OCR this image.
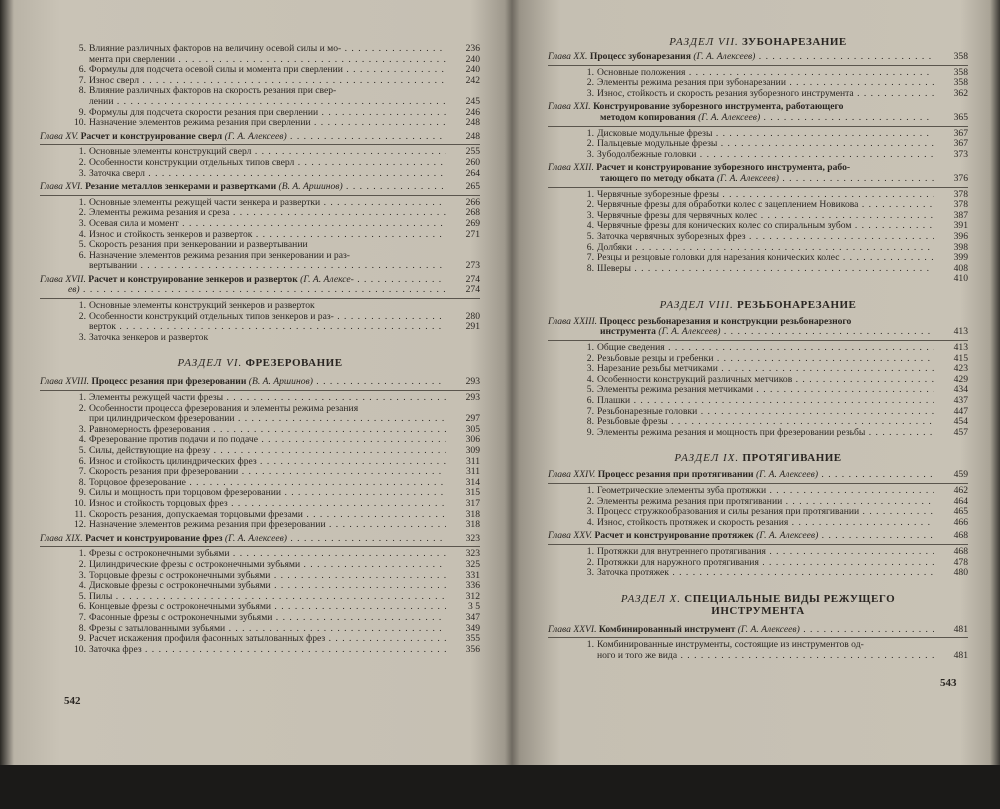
5. Влияние различных факторов на величину осевой силы и мо- . . .	236
мента при сверлении . . .	240
6. Формулы для подсчета осевой силы и момента при сверлении . . .	240
7. Износ сверл . . .	242
8. Влияние различных факторов на скорость резания при свер-
лении . . .	245
9. Формулы для подсчета скорости резания при сверлении . . .	246
10. Назначение элементов режима резания при сверлении . . .	248
Глава XV. Расчет и конструирование сверл (Г. А. Алексеев) . . .	248
1. Основные элементы конструкций сверл . . .	255
2. Особенности конструкции отдельных типов сверл . . .	260
3. Заточка сверл . . .	264
Глава XVI. Резание металлов зенкерами и развертками (В. А. Аршинов) . . .	265
1. Основные элементы режущей части зенкера и развертки . . .	266
2. Элементы режима резания и среза . . .	268
3. Осевая сила и момент . . .	269
4. Износ и стойкость зенкеров и разверток . . .	271
5. Скорость резания при зенкеровании и развертывании
6. Назначение элементов режима резания при зенкеровании и раз-
вертывании . . .	273
Глава XVII. Расчет и конструирование зенкеров и разверток (Г. А. Алексе- . . .	274
ев) . . .	274
1. Основные элементы конструкций зенкеров и разверток
2. Особенности конструкций отдельных типов зенкеров и раз- . . .	280
верток . . .	291
3. Заточка зенкеров и разверток

РАЗДЕЛ VI. ФРЕЗЕРОВАНИЕ

Глава XVIII. Процесс резания при фрезеровании (В. А. Аршинов) . . .	293
1. Элементы режущей части фрезы . . .	293
2. Особенности процесса фрезерования и элементы режима резания
при цилиндрическом фрезеровании . . .	297
3. Равномерность фрезерования . . .	305
4. Фрезерование против подачи и по подаче . . .	306
5. Силы, действующие на фрезу . . .	309
6. Износ и стойкость цилиндрических фрез . . .	311
7. Скорость резания при фрезеровании . . .	311
8. Торцовое фрезерование . . .	314
9. Силы и мощность при торцовом фрезеровании . . .	315
10. Износ и стойкость торцовых фрез . . .	317
11. Скорость резания, допускаемая торцовыми фрезами . . .	318
12. Назначение элементов режима резания при фрезеровании . . .	318
Глава XIX. Расчет и конструирование фрез (Г. А. Алексеев) . . .	323
1. Фрезы с остроконечными зубьями . . .	323
2. Цилиндрические фрезы с остроконечными зубьями . . .	325
3. Торцовые фрезы с остроконечными зубьями . . .	331
4. Дисковые фрезы с остроконечными зубьями . . .	336
5. Пилы . . .	312
6. Концевые фрезы с остроконечными зубьями . . .	3 5
7. Фасонные фрезы с остроконечными зубьями . . .	347
8. Фрезы с затылованными зубьями . . .	349
9. Расчет искажения профиля фасонных затылованных фрез . . .	355
10. Заточка фрез . . .	356
542

РАЗДЕЛ VII. ЗУБОНАРЕЗАНИЕ

Глава XX. Процесс зубонарезания (Г. А. Алексеев) . . .	358
1. Основные положения . . .	358
2. Элементы режима резания при зубонарезании . . .	358
3. Износ, стойкость и скорость резания зуборезного инструмента . . .	362
Глава XXI. Конструирование зуборезного инструмента, работающего
методом копирования (Г. А. Алексеев) . . .	365
1. Дисковые модульные фрезы . . .	367
2. Пальцевые модульные фрезы . . .	367
3. Зубодолбежные головки . . .	373
Глава XXII. Расчет и конструирование зуборезного инструмента, рабо-
тающего по методу обката (Г. А. Алексеев) . . .	376
1. Червячные зуборезные фрезы . . .	378
2. Червячные фрезы для обработки колес с зацеплением Новикова . . .	378
3. Червячные фрезы для червячных колес . . .	387
4. Червячные фрезы для конических колес со спиральным зубом . . .	391
5. Заточка червячных зуборезных фрез . . .	396
6. Долбяки . . .	398
7. Резцы и резцовые головки для нарезания конических колес . . .	399
8. Шеверы . . .	408
410

РАЗДЕЛ VIII. РЕЗЬБОНАРЕЗАНИЕ

Глава XXIII. Процесс резьбонарезания и конструкции резьбонарезного
инструмента (Г. А. Алексеев) . . .	413
1. Общие сведения . . .	413
2. Резьбовые резцы и гребенки . . .	415
3. Нарезание резьбы метчиками . . .	423
4. Особенности конструкций различных метчиков . . .	429
5. Элементы режима резания метчиками . . .	434
6. Плашки . . .	437
7. Резьбонарезные головки . . .	447
8. Резьбовые фрезы . . .	454
9. Элементы режима резания и мощность при фрезеровании резьбы . . .	457

РАЗДЕЛ IX. ПРОТЯГИВАНИЕ

Глава XXIV. Процесс резания при протягивании (Г. А. Алексеев) . . .	459
1. Геометрические элементы зуба протяжки . . .	462
2. Элементы режима резания при протягивании . . .	464
3. Процесс стружкообразования и силы резания при протягивании . . .	465
4. Износ, стойкость протяжек и скорость резания . . .	466
Глава XXV. Расчет и конструирование протяжек (Г. А. Алексеев) . . .	468
1. Протяжки для внутреннего протягивания . . .	468
2. Протяжки для наружного протягивания . . .	478
3. Заточка протяжек . . .	480

РАЗДЕЛ X. СПЕЦИАЛЬНЫЕ ВИДЫ РЕЖУЩЕГО

ИНСТРУМЕНТА

Глава XXVI. Комбинированный инструмент (Г. А. Алексеев) . . .	481
1. Комбинированные инструменты, состоящие из инструментов од-
ного и того же вида . . .	481
543
